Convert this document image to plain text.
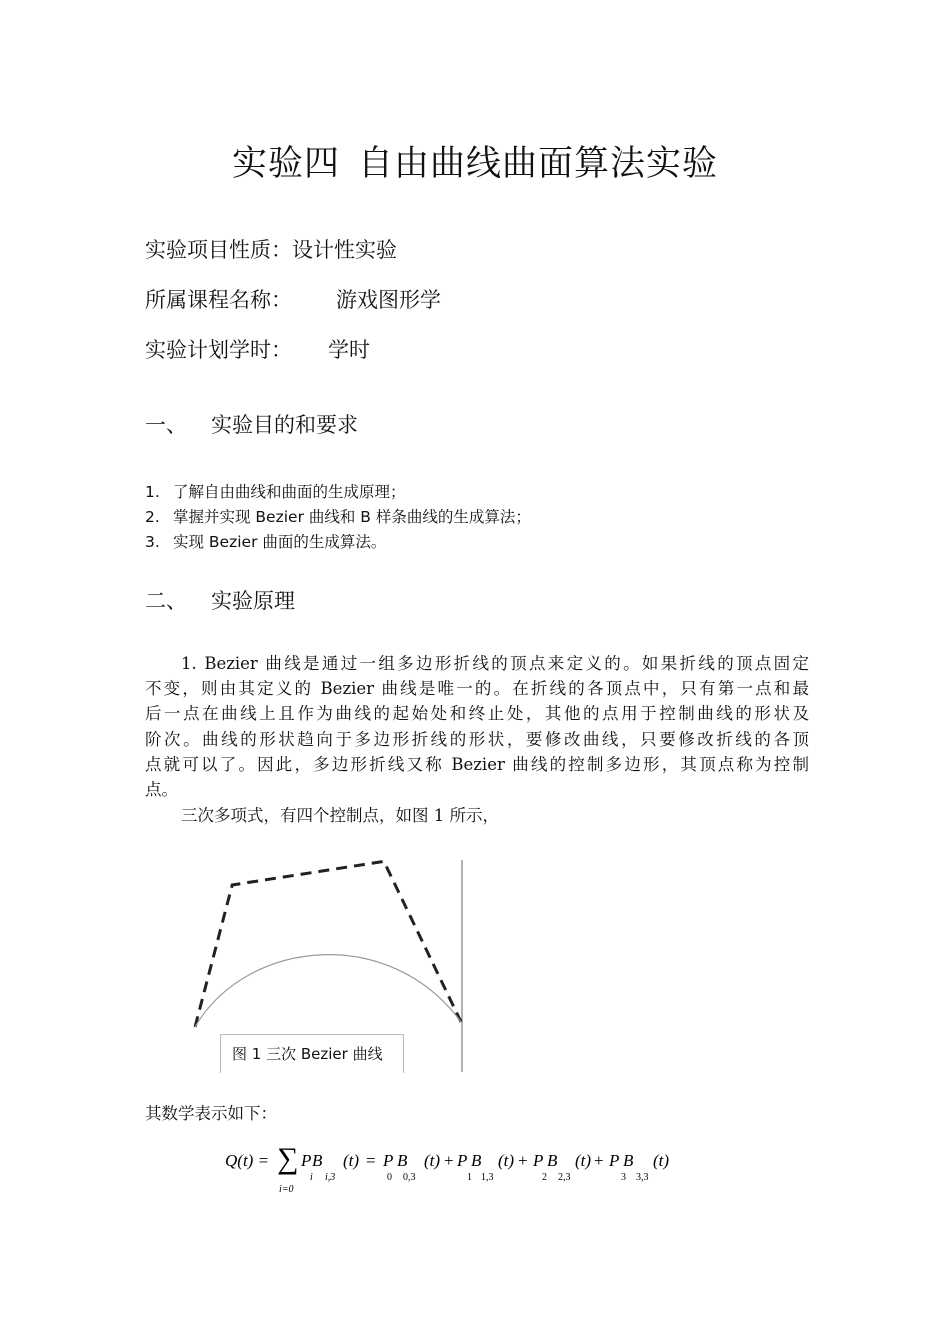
实验四 自由曲线曲面算法实验
实验项目性质：设计性实验
所属课程名称： 游戏图形学
实验计划学时： 学时
一、 实验目的和要求
1. 了解自由曲线和曲面的生成原理；
2. 掌握并实现 Bezier 曲线和 B 样条曲线的生成算法；
3. 实现 Bezier 曲面的生成算法。
二、 实验原理
1. Bezier 曲线是通过一组多边形折线的顶点来定义的。如果折线的顶点固定
不变，则由其定义的 Bezier 曲线是唯一的。在折线的各顶点中，只有第一点和最
后一点在曲线上且作为曲线的起始处和终止处，其他的点用于控制曲线的形状及
阶次。曲线的形状趋向于多边形折线的形状，要修改曲线，只要修改折线的各顶
点就可以了。因此，多边形折线又称 Bezier 曲线的控制多边形，其顶点称为控制
点。
三次多项式，有四个控制点，如图 1 所示，
图 1 三次 Bezier 曲线
其数学表示如下：
Q(t) = ∑
i=0
P B
i i,3
(t) = P B
0 0,3
(t) + P B
1 1,3
(t) + P B
2 2,3
(t) + P B
3 3,3
(t)
